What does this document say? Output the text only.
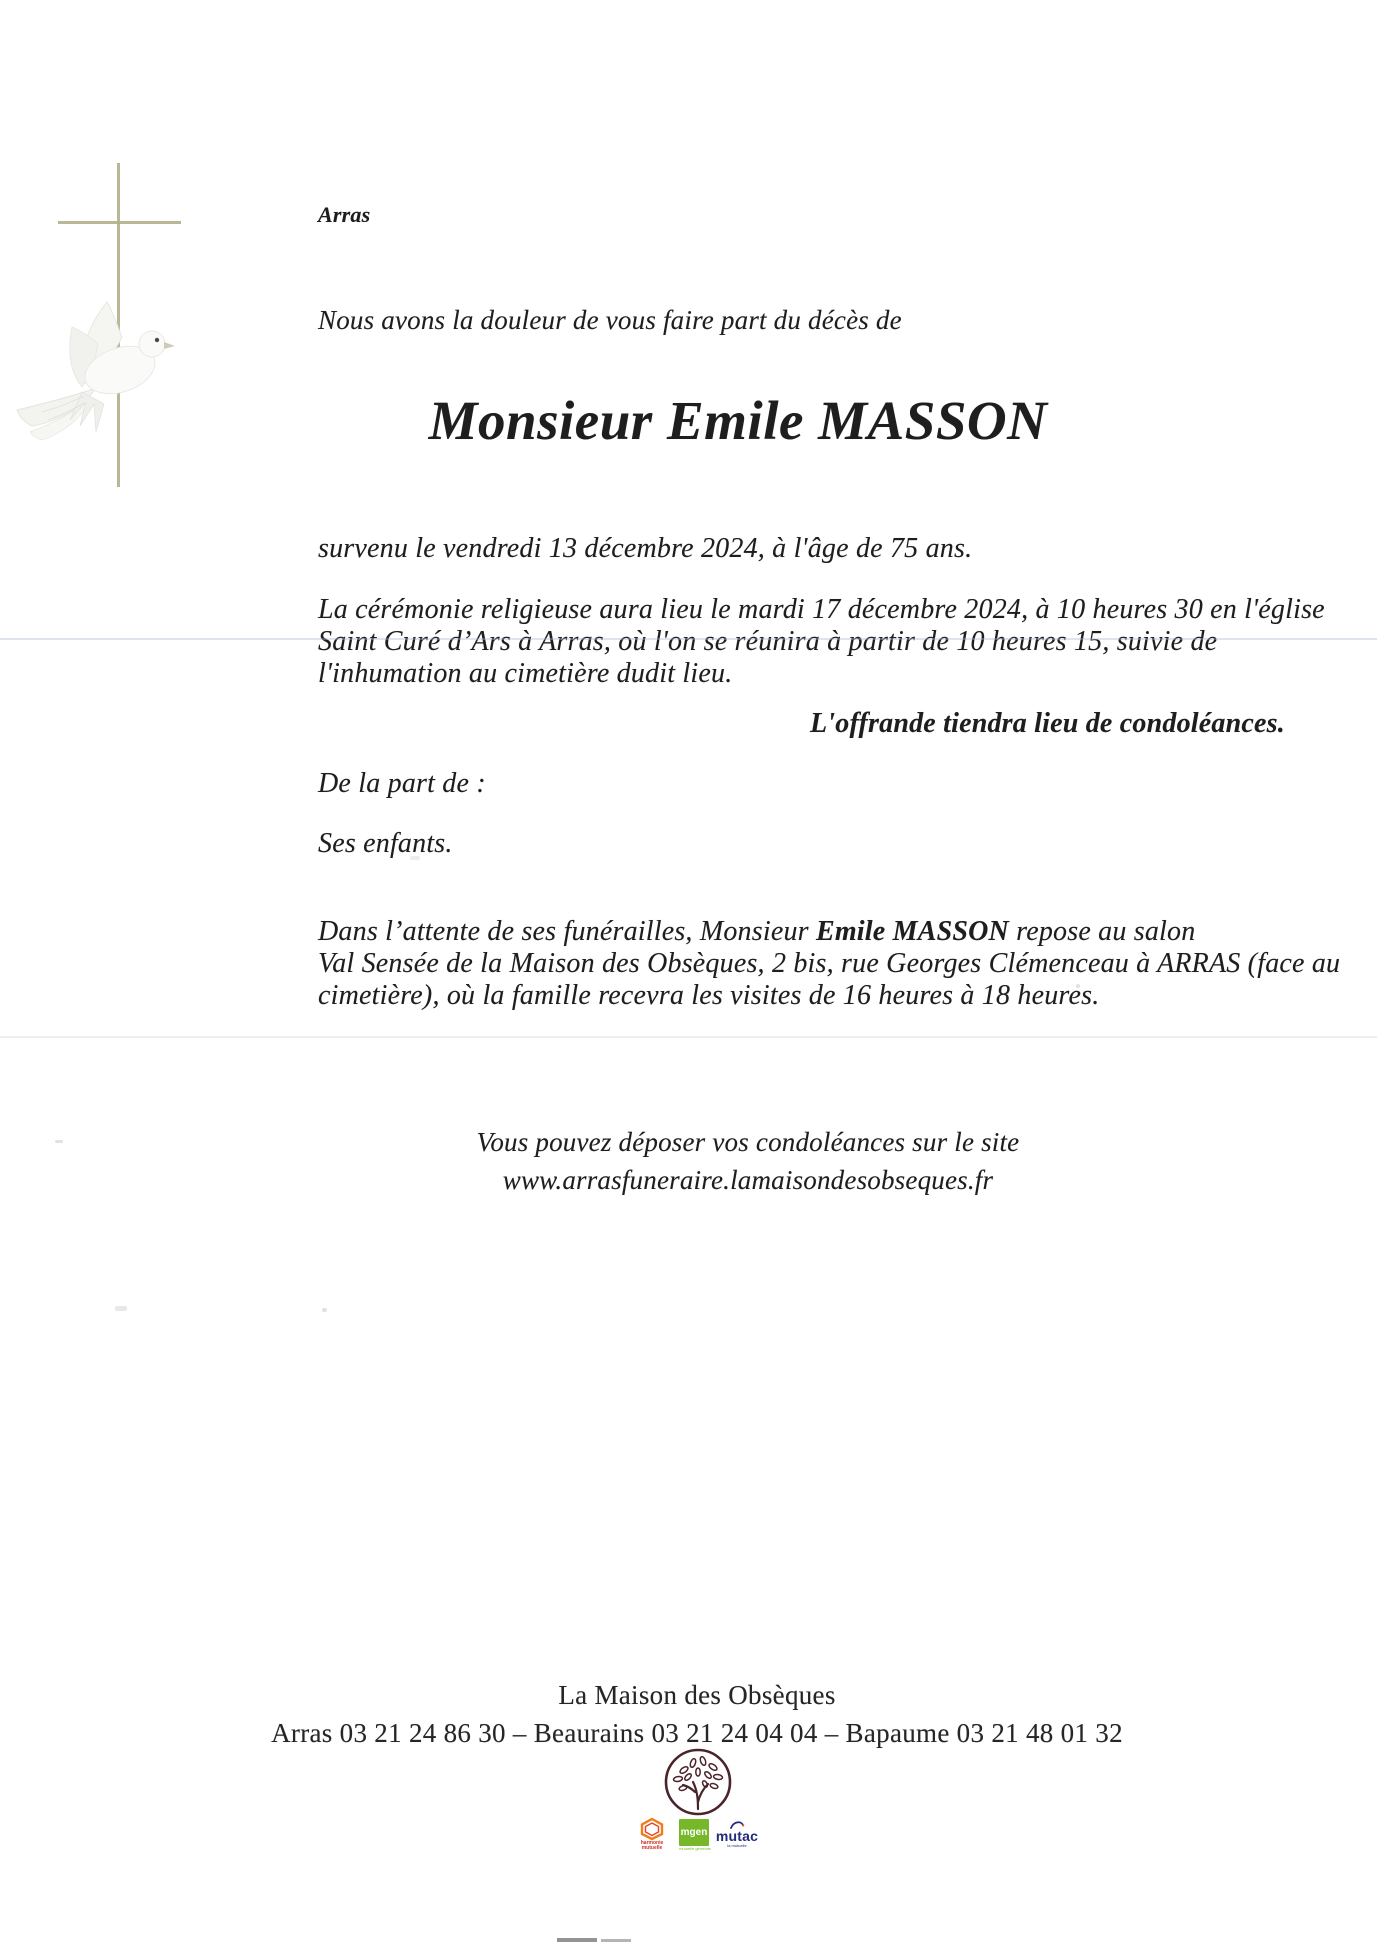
Arras
Nous avons la douleur de vous faire part du décès de
Monsieur Emile MASSON
survenu le vendredi 13 décembre 2024, à l'âge de 75 ans.
La cérémonie religieuse aura lieu le mardi 17 décembre 2024, à 10 heures 30 en l'église
Saint Curé d’Ars à Arras, où l'on se réunira à partir de 10 heures 15, suivie de
l'inhumation au cimetière dudit lieu.
L'offrande tiendra lieu de condoléances.
De la part de :
Ses enfants.
Dans l’attente de ses funérailles, Monsieur Emile MASSON repose au salon
Val Sensée de la Maison des Obsèques, 2 bis, rue Georges Clémenceau à ARRAS (face au
cimetière), où la famille recevra les visites de 16 heures à 18 heures.
Vous pouvez déposer vos condoléances sur le site
www.arrasfuneraire.lamaisondesobseques.fr
La Maison des Obsèques
Arras 03 21 24 86 30 – Beaurains 03 21 24 04 04 – Bapaume 03 21 48 01 32
harmonie
mutuelle
mgen
mutuelle générale
mutac
la mutuelle
